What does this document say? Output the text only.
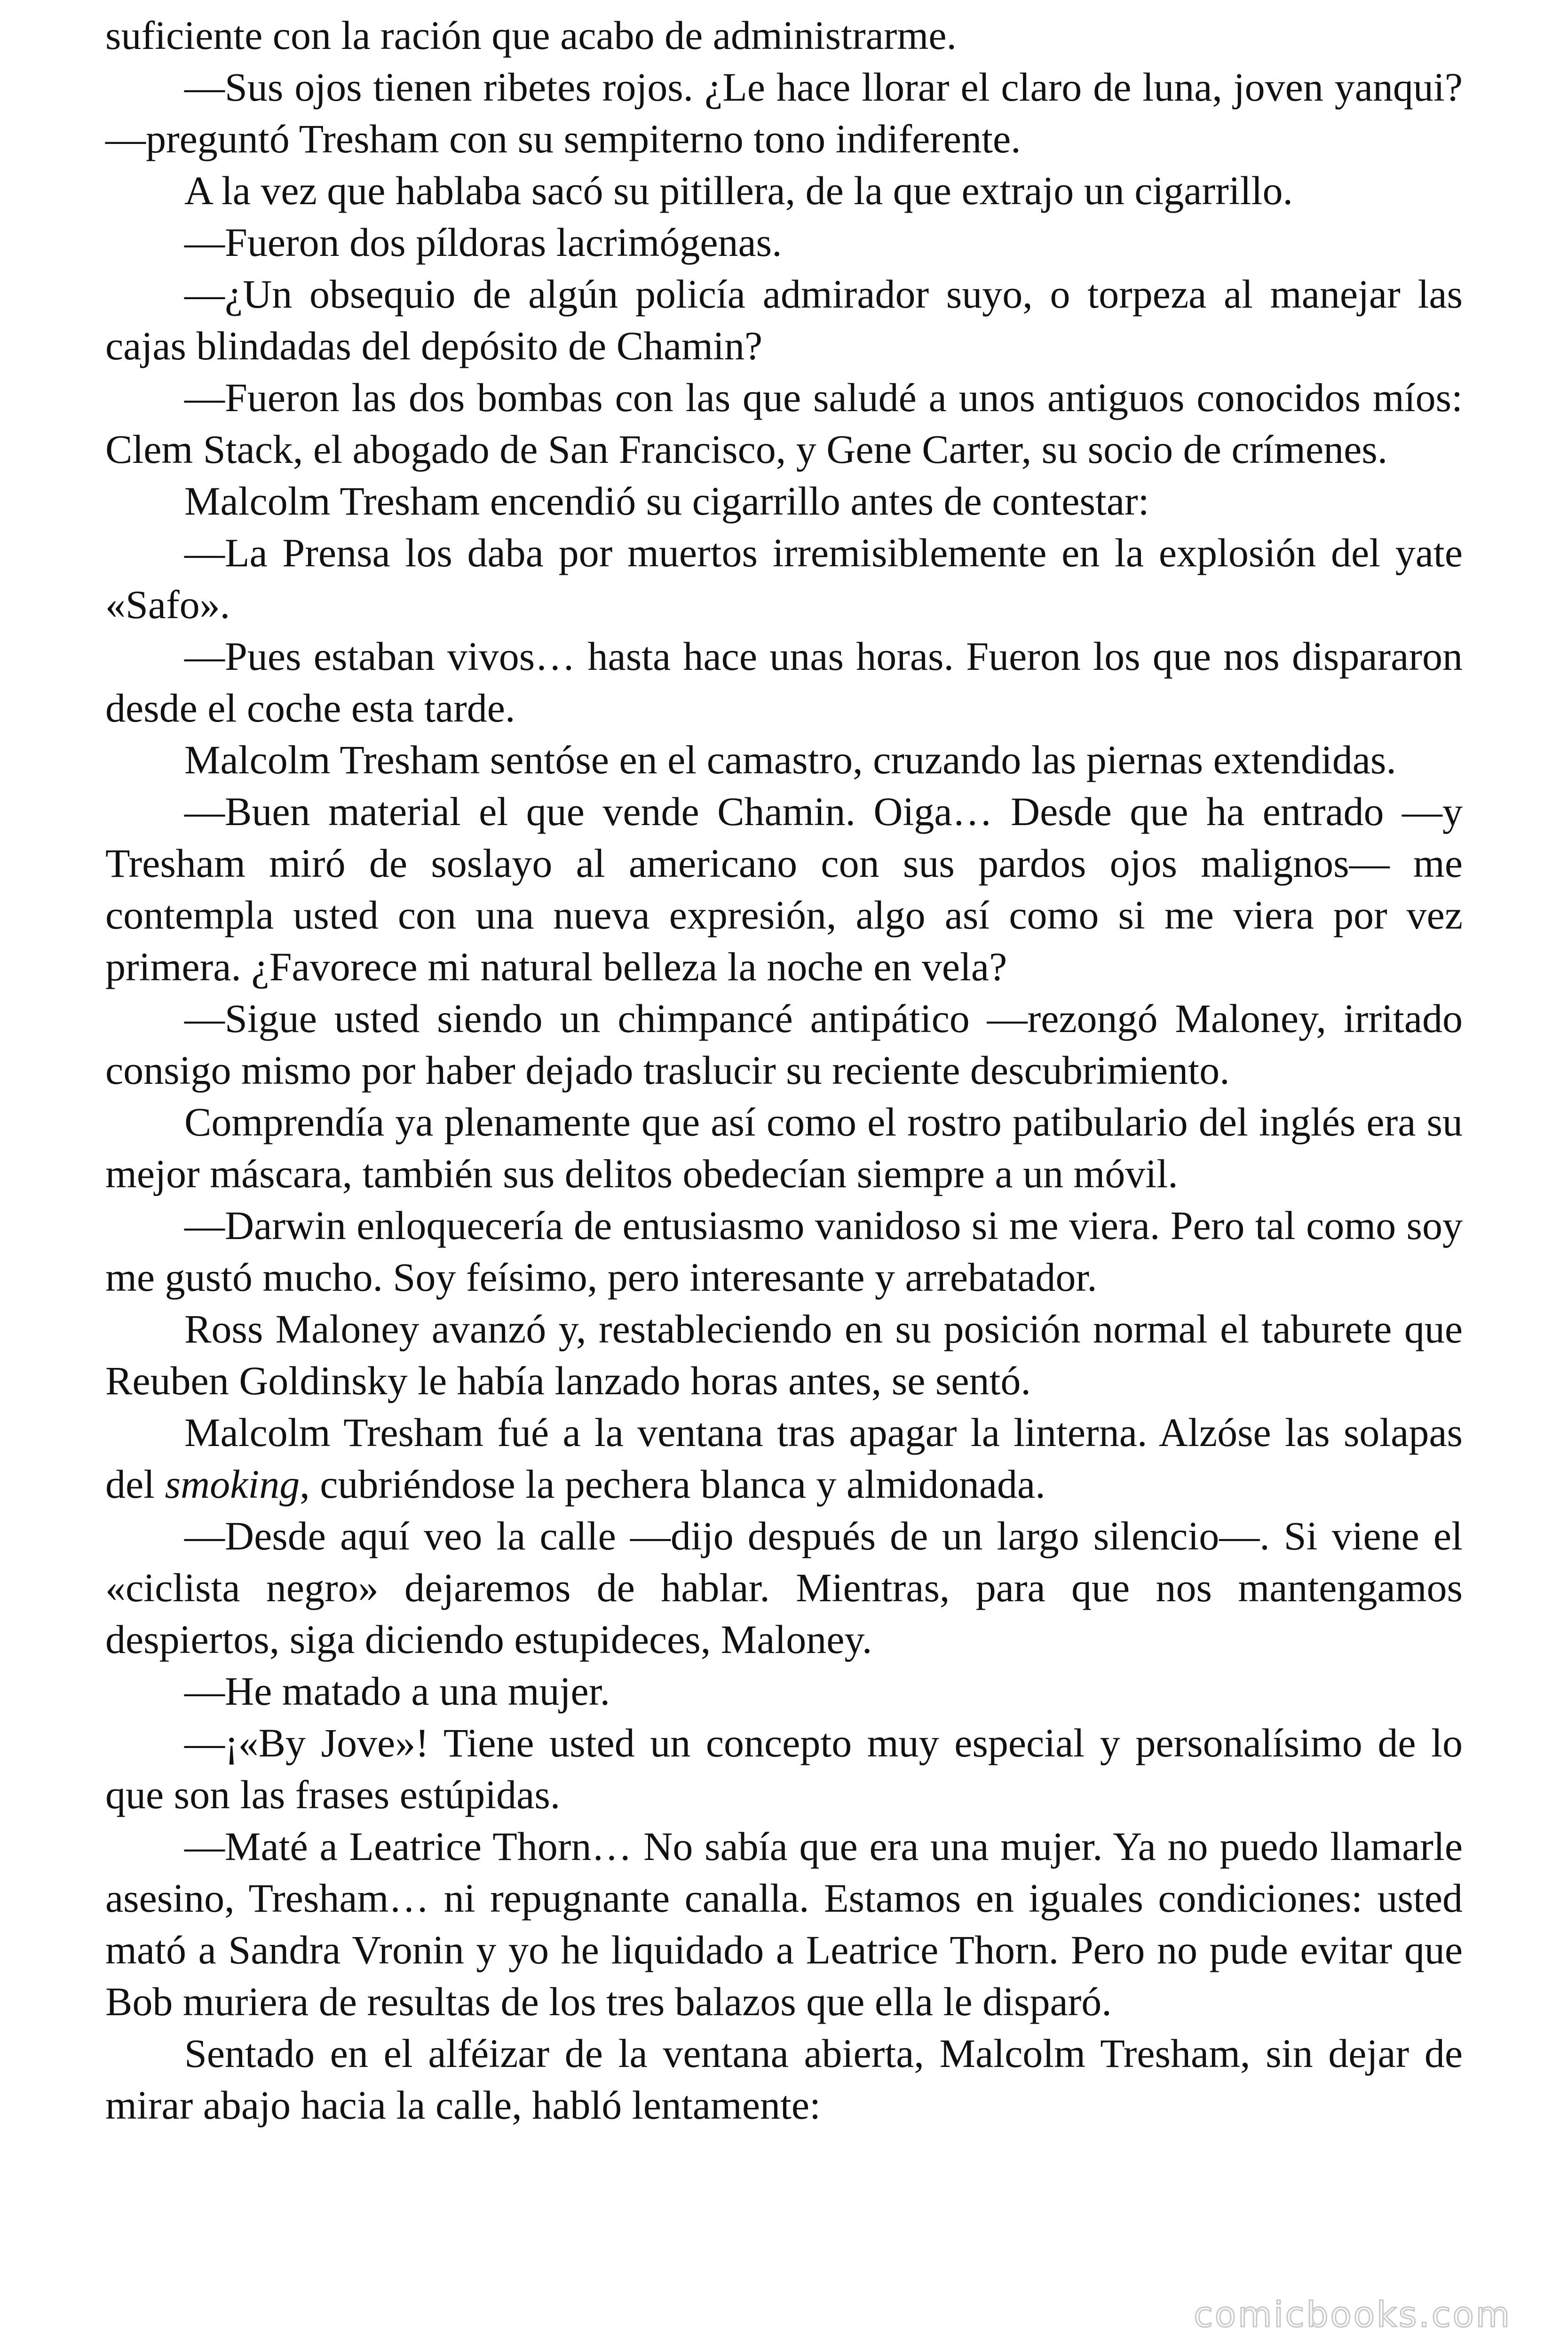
suficiente con la ración que acabo de administrarme.

—Sus ojos tienen ribetes rojos. ¿Le hace llorar el claro de luna, joven yanqui? —preguntó Tresham con su sempiterno tono indiferente.

A la vez que hablaba sacó su pitillera, de la que extrajo un cigarrillo.

—Fueron dos píldoras lacrimógenas.

—¿Un obsequio de algún policía admirador suyo, o torpeza al manejar las cajas blindadas del depósito de Chamin?

—Fueron las dos bombas con las que saludé a unos antiguos conocidos míos: Clem Stack, el abogado de San Francisco, y Gene Carter, su socio de crímenes.

Malcolm Tresham encendió su cigarrillo antes de contestar:

—La Prensa los daba por muertos irremisiblemente en la explosión del yate «Safo».

—Pues estaban vivos… hasta hace unas horas. Fueron los que nos dispararon desde el coche esta tarde.

Malcolm Tresham sentóse en el camastro, cruzando las piernas extendidas.

—Buen material el que vende Chamin. Oiga… Desde que ha entrado —y Tresham miró de soslayo al americano con sus pardos ojos malignos— me contempla usted con una nueva expresión, algo así como si me viera por vez primera. ¿Favorece mi natural belleza la noche en vela?

—Sigue usted siendo un chimpancé antipático —rezongó Maloney, irritado consigo mismo por haber dejado traslucir su reciente descubrimiento.

Comprendía ya plenamente que así como el rostro patibulario del inglés era su mejor máscara, también sus delitos obedecían siempre a un móvil.

—Darwin enloquecería de entusiasmo vanidoso si me viera. Pero tal como soy me gustó mucho. Soy feísimo, pero interesante y arrebatador.

Ross Maloney avanzó y, restableciendo en su posición normal el taburete que Reuben Goldinsky le había lanzado horas antes, se sentó.

Malcolm Tresham fué a la ventana tras apagar la linterna. Alzóse las solapas del smoking, cubriéndose la pechera blanca y almidonada.

—Desde aquí veo la calle —dijo después de un largo silencio—. Si viene el «ciclista negro» dejaremos de hablar. Mientras, para que nos mantengamos despiertos, siga diciendo estupideces, Maloney.

—He matado a una mujer.

—¡«By Jove»! Tiene usted un concepto muy especial y personalísimo de lo que son las frases estúpidas.

—Maté a Leatrice Thorn… No sabía que era una mujer. Ya no puedo llamarle asesino, Tresham… ni repugnante canalla. Estamos en iguales condiciones: usted mató a Sandra Vronin y yo he liquidado a Leatrice Thorn. Pero no pude evitar que Bob muriera de resultas de los tres balazos que ella le disparó.

Sentado en el alféizar de la ventana abierta, Malcolm Tresham, sin dejar de mirar abajo hacia la calle, habló lentamente:

comicbooks.com
